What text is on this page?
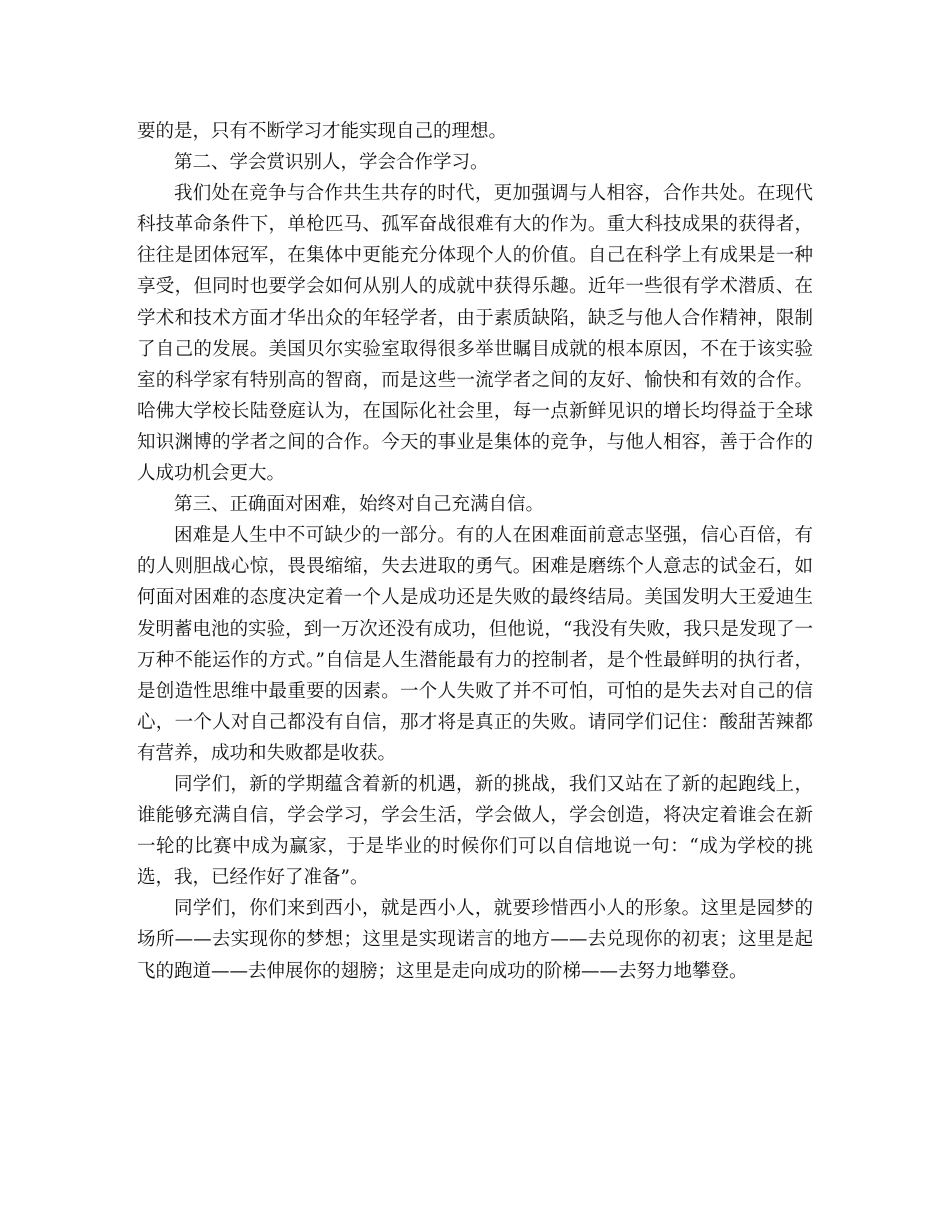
要的是，只有不断学习才能实现自己的理想。

第二、学会赏识别人，学会合作学习。

我们处在竞争与合作共生共存的时代，更加强调与人相容，合作共处。在现代科技革命条件下，单枪匹马、孤军奋战很难有大的作为。重大科技成果的获得者，往往是团体冠军，在集体中更能充分体现个人的价值。自己在科学上有成果是一种享受，但同时也要学会如何从别人的成就中获得乐趣。近年一些很有学术潜质、在学术和技术方面才华出众的年轻学者，由于素质缺陷，缺乏与他人合作精神，限制了自己的发展。美国贝尔实验室取得很多举世瞩目成就的根本原因，不在于该实验室的科学家有特别高的智商，而是这些一流学者之间的友好、愉快和有效的合作。哈佛大学校长陆登庭认为，在国际化社会里，每一点新鲜见识的增长均得益于全球知识渊博的学者之间的合作。今天的事业是集体的竞争，与他人相容，善于合作的人成功机会更大。

第三、正确面对困难，始终对自己充满自信。

困难是人生中不可缺少的一部分。有的人在困难面前意志坚强，信心百倍，有的人则胆战心惊，畏畏缩缩，失去进取的勇气。困难是磨练个人意志的试金石，如何面对困难的态度决定着一个人是成功还是失败的最终结局。美国发明大王爱迪生发明蓄电池的实验，到一万次还没有成功，但他说，“我没有失败，我只是发现了一万种不能运作的方式。”自信是人生潜能最有力的控制者，是个性最鲜明的执行者，是创造性思维中最重要的因素。一个人失败了并不可怕，可怕的是失去对自己的信心，一个人对自己都没有自信，那才将是真正的失败。请同学们记住：酸甜苦辣都有营养，成功和失败都是收获。

同学们，新的学期蕴含着新的机遇，新的挑战，我们又站在了新的起跑线上，谁能够充满自信，学会学习，学会生活，学会做人，学会创造，将决定着谁会在新一轮的比赛中成为赢家，于是毕业的时候你们可以自信地说一句：“成为学校的挑选，我，已经作好了准备”。

同学们，你们来到西小，就是西小人，就要珍惜西小人的形象。这里是园梦的场所——去实现你的梦想；这里是实现诺言的地方——去兑现你的初衷；这里是起飞的跑道——去伸展你的翅膀；这里是走向成功的阶梯——去努力地攀登。
